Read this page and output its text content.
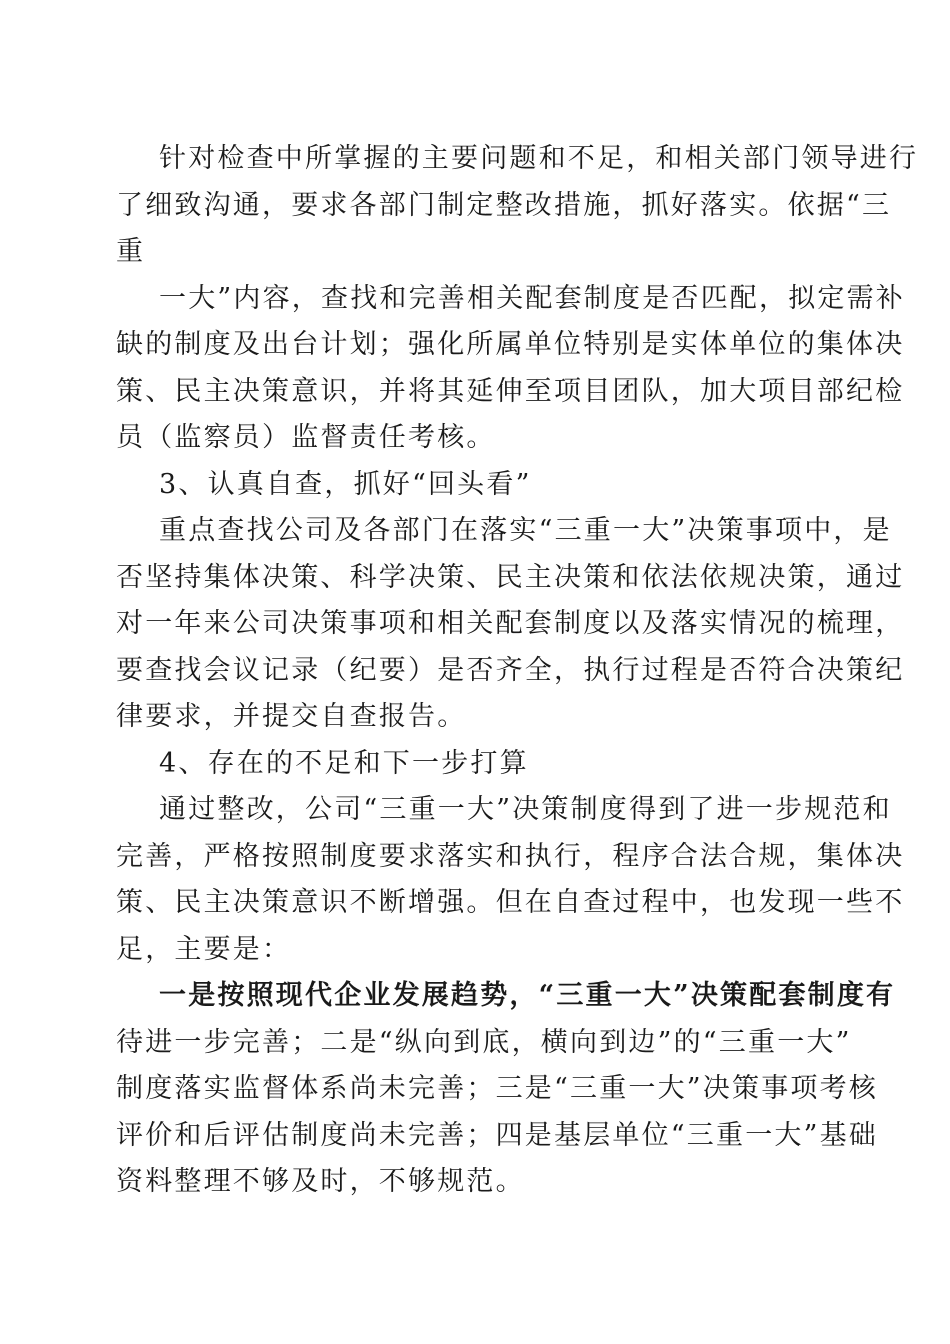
针对检查中所掌握的主要问题和不足，和相关部门领导进行
了细致沟通，要求各部门制定整改措施，抓好落实。依据“三
重
一大”内容，查找和完善相关配套制度是否匹配，拟定需补
缺的制度及出台计划；强化所属单位特别是实体单位的集体决
策、民主决策意识，并将其延伸至项目团队，加大项目部纪检
员（监察员）监督责任考核。
3、认真自查，抓好“回头看”
重点查找公司及各部门在落实“三重一大”决策事项中，是
否坚持集体决策、科学决策、民主决策和依法依规决策，通过
对一年来公司决策事项和相关配套制度以及落实情况的梳理，
要查找会议记录（纪要）是否齐全，执行过程是否符合决策纪
律要求，并提交自查报告。
4、存在的不足和下一步打算
通过整改，公司“三重一大”决策制度得到了进一步规范和
完善，严格按照制度要求落实和执行，程序合法合规，集体决
策、民主决策意识不断增强。但在自查过程中，也发现一些不
足，主要是：
一是按照现代企业发展趋势，“三重一大”决策配套制度有
待进一步完善；二是“纵向到底，横向到边”的“三重一大”
制度落实监督体系尚未完善；三是“三重一大”决策事项考核
评价和后评估制度尚未完善；四是基层单位“三重一大”基础
资料整理不够及时，不够规范。
